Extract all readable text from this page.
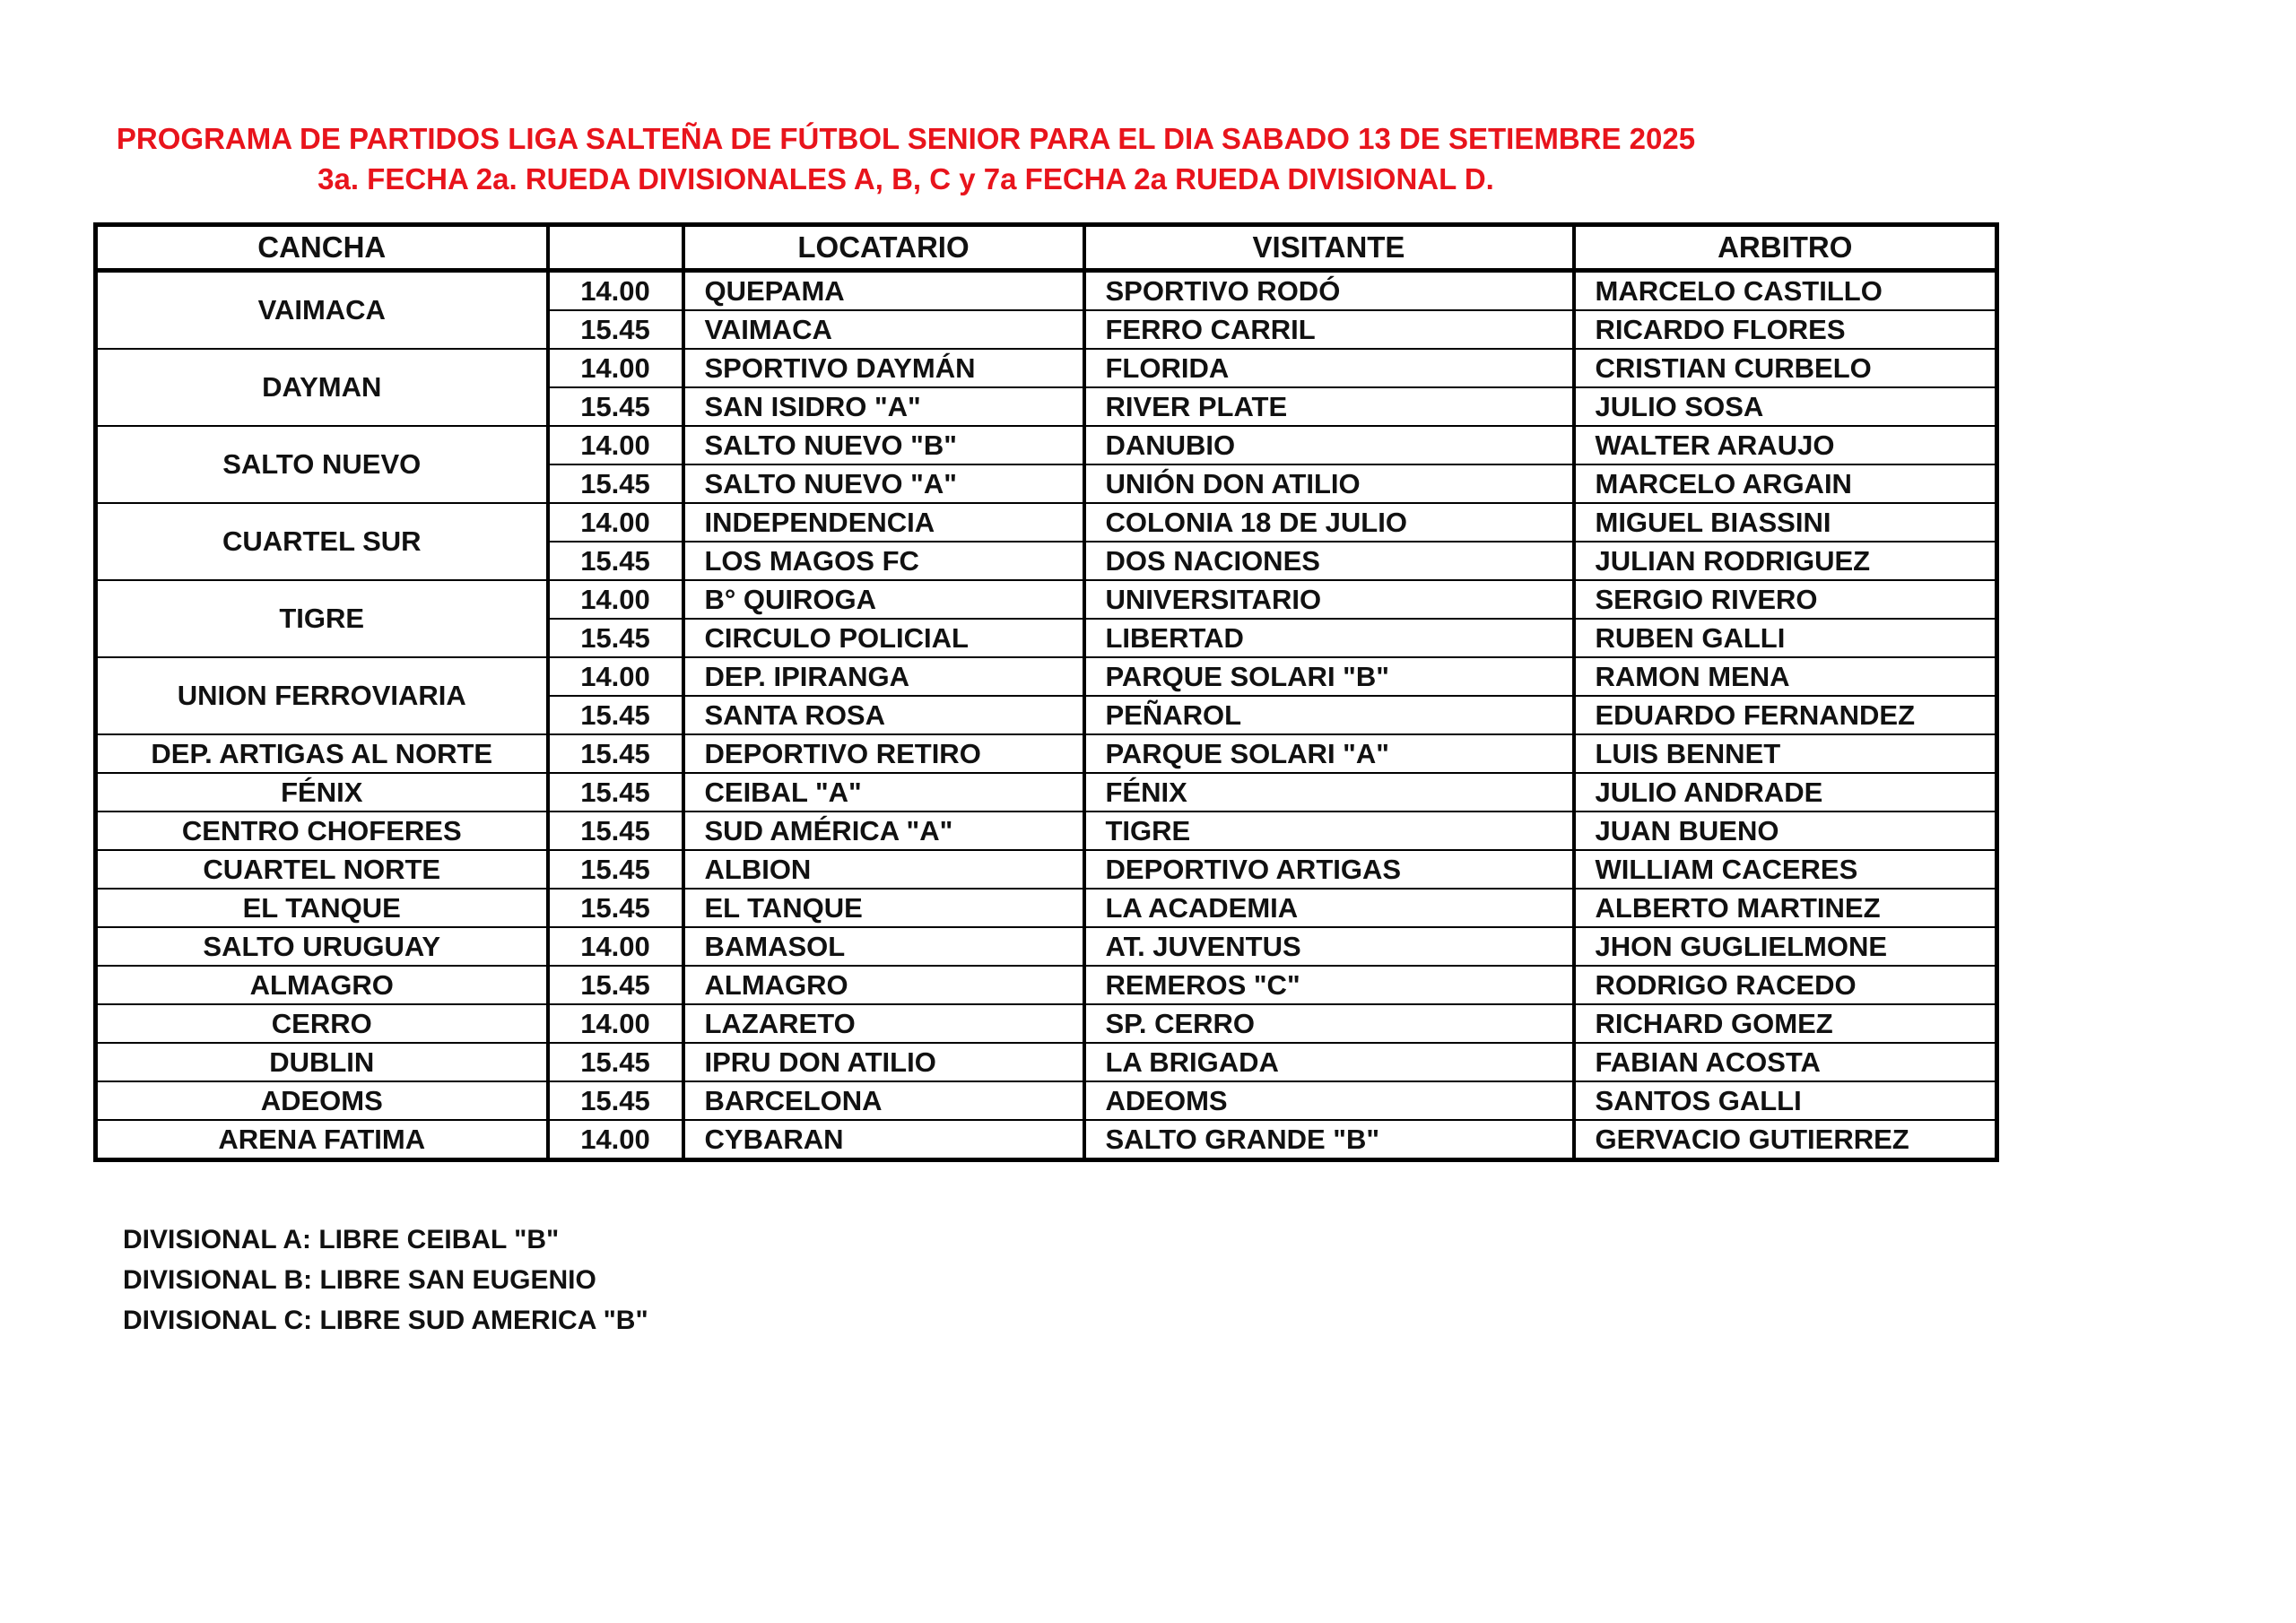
PROGRAMA DE PARTIDOS LIGA SALTEÑA DE FÚTBOL SENIOR PARA EL DIA SABADO 13 DE SETIEMBRE 2025
3a. FECHA 2a. RUEDA DIVISIONALES A, B, C y 7a FECHA 2a RUEDA DIVISIONAL D.
CANCHA		LOCATARIO	VISITANTE	ARBITRO
VAIMACA	14.00	QUEPAMA	SPORTIVO RODÓ	MARCELO CASTILLO
	15.45	VAIMACA	FERRO CARRIL	RICARDO FLORES
DAYMAN	14.00	SPORTIVO DAYMÁN	FLORIDA	CRISTIAN CURBELO
	15.45	SAN ISIDRO "A"	RIVER PLATE	JULIO SOSA
SALTO NUEVO	14.00	SALTO NUEVO "B"	DANUBIO	WALTER ARAUJO
	15.45	SALTO NUEVO "A"	UNIÓN DON ATILIO	MARCELO ARGAIN
CUARTEL SUR	14.00	INDEPENDENCIA	COLONIA 18 DE JULIO	MIGUEL BIASSINI
	15.45	LOS MAGOS FC	DOS NACIONES	JULIAN RODRIGUEZ
TIGRE	14.00	B° QUIROGA	UNIVERSITARIO	SERGIO RIVERO
	15.45	CIRCULO POLICIAL	LIBERTAD	RUBEN GALLI
UNION FERROVIARIA	14.00	DEP. IPIRANGA	PARQUE SOLARI "B"	RAMON MENA
	15.45	SANTA ROSA	PEÑAROL	EDUARDO FERNANDEZ
DEP. ARTIGAS AL NORTE	15.45	DEPORTIVO RETIRO	PARQUE SOLARI "A"	LUIS BENNET
FÉNIX	15.45	CEIBAL "A"	FÉNIX	JULIO ANDRADE
CENTRO CHOFERES	15.45	SUD AMÉRICA "A"	TIGRE	JUAN BUENO
CUARTEL NORTE	15.45	ALBION	DEPORTIVO ARTIGAS	WILLIAM CACERES
EL TANQUE	15.45	EL TANQUE	LA ACADEMIA	ALBERTO MARTINEZ
SALTO URUGUAY	14.00	BAMASOL	AT. JUVENTUS	JHON GUGLIELMONE
ALMAGRO	15.45	ALMAGRO	REMEROS "C"	RODRIGO RACEDO
CERRO	14.00	LAZARETO	SP. CERRO	RICHARD GOMEZ
DUBLIN	15.45	IPRU DON ATILIO	LA BRIGADA	FABIAN ACOSTA
ADEOMS	15.45	BARCELONA	ADEOMS	SANTOS GALLI
ARENA FATIMA	14.00	CYBARAN	SALTO GRANDE "B"	GERVACIO GUTIERREZ
DIVISIONAL A: LIBRE CEIBAL "B"
DIVISIONAL B: LIBRE SAN EUGENIO
DIVISIONAL C: LIBRE SUD AMERICA "B"
